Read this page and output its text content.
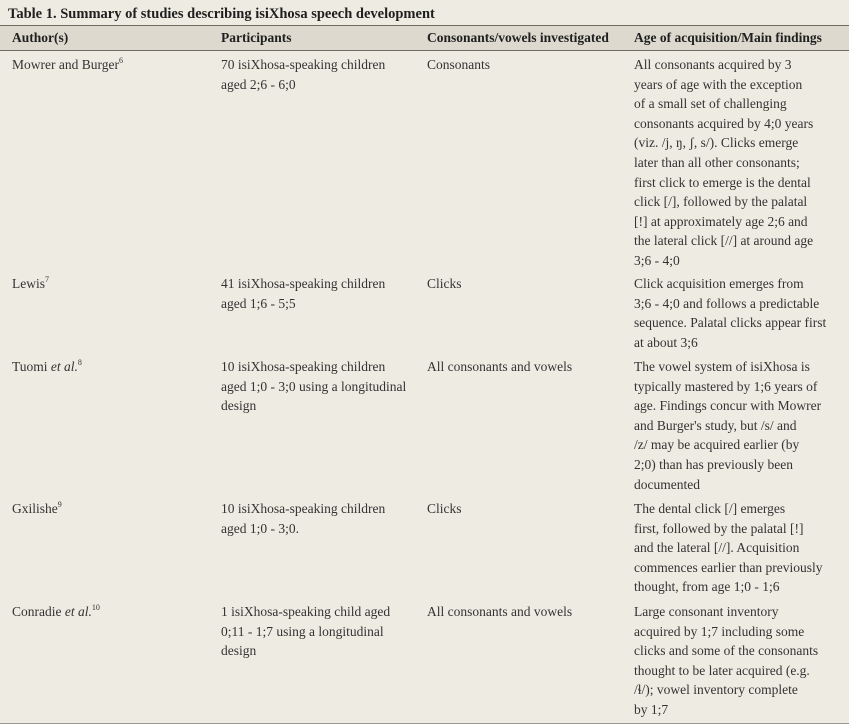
Table 1. Summary of studies describing isiXhosa speech development
Author(s)	Participants	Consonants/vowels investigated	Age of acquisition/Main findings
Mowrer and Burger$^6$	70 isiXhosa-speaking children
aged 2;6 - 6;0
Consonants	All consonants acquired by 3
years of age with the exception
of a small set of challenging
consonants acquired by 4;0 years
(viz. /j, ŋ, ʃ, s/). Clicks emerge
later than all other consonants;
first click to emerge is the dental
click [/], followed by the palatal
[!] at approximately age 2;6 and
the lateral click [//] at around age
3;6 - 4;0
Lewis$^7$	41 isiXhosa-speaking children
aged 1;6 - 5;5
Clicks	Click acquisition emerges from
3;6 - 4;0 and follows a predictable
sequence. Palatal clicks appear first
at about 3;6
Tuomi et al.$^8$	10 isiXhosa-speaking children
aged 1;0 - 3;0 using a longitudinal
design
All consonants and vowels	The vowel system of isiXhosa is
typically mastered by 1;6 years of
age. Findings concur with Mowrer
and Burger's study, but /s/ and
/z/ may be acquired earlier (by
2;0) than has previously been
documented
Gxilishe$^9$	10 isiXhosa-speaking children
aged 1;0 - 3;0.
Clicks	The dental click [/] emerges
first, followed by the palatal [!]
and the lateral [//]. Acquisition
commences earlier than previously
thought, from age 1;0 - 1;6
Conradie et al.$^{10}$	1 isiXhosa-speaking child aged
0;11 - 1;7 using a longitudinal
design
All consonants and vowels	Large consonant inventory
acquired by 1;7 including some
clicks and some of the consonants
thought to be later acquired (e.g.
/ɬ/); vowel inventory complete
by 1;7
